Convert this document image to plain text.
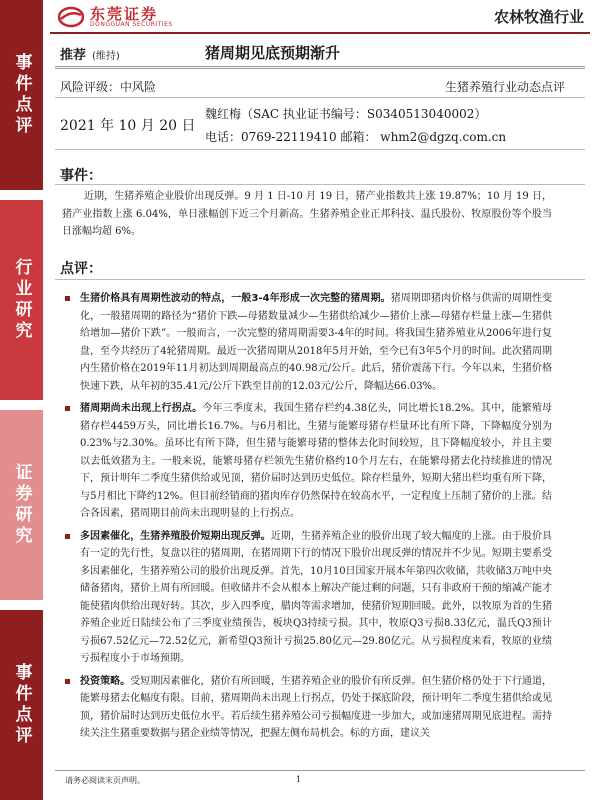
事件点评
行业研究
证券研究
事件点评
东莞证券
DONGGUAN SECURITIES	农林牧渔行业
推荐 (维持)	猪周期见底预期渐升
风险评级：中风险	生猪养殖行业动态点评
2021 年 10 月 20 日
魏红梅（SAC 执业证书编号：S0340513040002）
电话：0769-22119410 邮箱： whm2@dgzq.com.cn
事件：
近期，生猪养殖企业股价出现反弹。9 月 1 日-10 月 19 日，猪产业指数共上涨 19.87%；10 月 19 日，猪产业指数上涨 6.04%，单日涨幅创下近三个月新高。生猪养殖企业正邦科技、温氏股份、牧原股份等个股当日涨幅均超 6%。
点评：
生猪价格具有周期性波动的特点，一般3-4年形成一次完整的猪周期。猪周期即猪肉价格与供需的周期性变化，一般猪周期的路径为“猪价下跌—母猪数量减少—生猪供给减少—猪价上涨—母猪存栏量上涨—生猪供给增加—猪价下跌”。一般而言，一次完整的猪周期需要3-4年的时间。将我国生猪养殖业从2006年进行复盘，至今共经历了4轮猪周期。最近一次猪周期从2018年5月开始，至今已有3年5个月的时间。此次猪周期内生猪价格在2019年11月初达到周期最高点的40.98元/公斤。此后，猪价震荡下行。今年以来，生猪价格快速下跌，从年初的35.41元/公斤下跌至目前的12.03元/公斤，降幅达66.03%。
猪周期尚未出现上行拐点。今年三季度末，我国生猪存栏约4.38亿头，同比增长18.2%。其中，能繁殖母猪存栏4459万头，同比增长16.7%。与6月相比，生猪与能繁母猪存栏量环比有所下降，下降幅度分别为0.23%与2.30%。虽环比有所下降，但生猪与能繁母猪的整体去化时间较短，且下降幅度较小，并且主要以去低效猪为主。一般来说，能繁母猪存栏领先生猪价格约10个月左右，在能繁母猪去化持续推进的情况下，预计明年二季度生猪供给或见顶，猪价届时达到历史低位。除存栏量外，短期大猪出栏均重有所下降，与5月相比下降约12%。但目前经销商的猪肉库存仍然保持在较高水平，一定程度上压制了猪价的上涨。结合各因素，猪周期目前尚未出现明显的上行拐点。
多因素催化，生猪养殖股价短期出现反弹。近期，生猪养殖企业的股价出现了较大幅度的上涨。由于股价具有一定的先行性，复盘以往的猪周期，在猪周期下行的情况下股价出现反弹的情况并不少见。短期主要系受多因素催化，生猪养殖公司的股价出现反弹。首先，10月10日国家开展本年第四次收储，共收储3万吨中央储备猪肉，猪价上周有所回暖。但收储并不会从根本上解决产能过剩的问题，只有非政府干预的缩减产能才能使猪肉供给出现好转。其次，步入四季度，腊肉等需求增加，使猪价短期回暖。此外，以牧原为首的生猪养殖企业近日陆续公布了三季度业绩预告，板块Q3持续亏损。其中，牧原Q3亏损8.33亿元，温氏Q3预计亏损67.52亿元—72.52亿元，新希望Q3预计亏损25.80亿元—29.80亿元。从亏损程度来看，牧原的业绩亏损程度小于市场预期。
投资策略。受短期因素催化，猪价有所回暖，生猪养殖企业的股价有所反弹。但生猪价格仍处于下行通道，能繁母猪去化幅度有限。目前，猪周期尚未出现上行拐点，仍处于探底阶段，预计明年二季度生猪供给或见顶，猪价届时达到历史低位水平。若后续生猪养殖公司亏损幅度进一步加大，或加速猪周期见底进程。需持续关注生猪重要数据与猪企业绩等情况，把握左侧布局机会。标的方面，建议关
请务必阅读末页声明。	1
